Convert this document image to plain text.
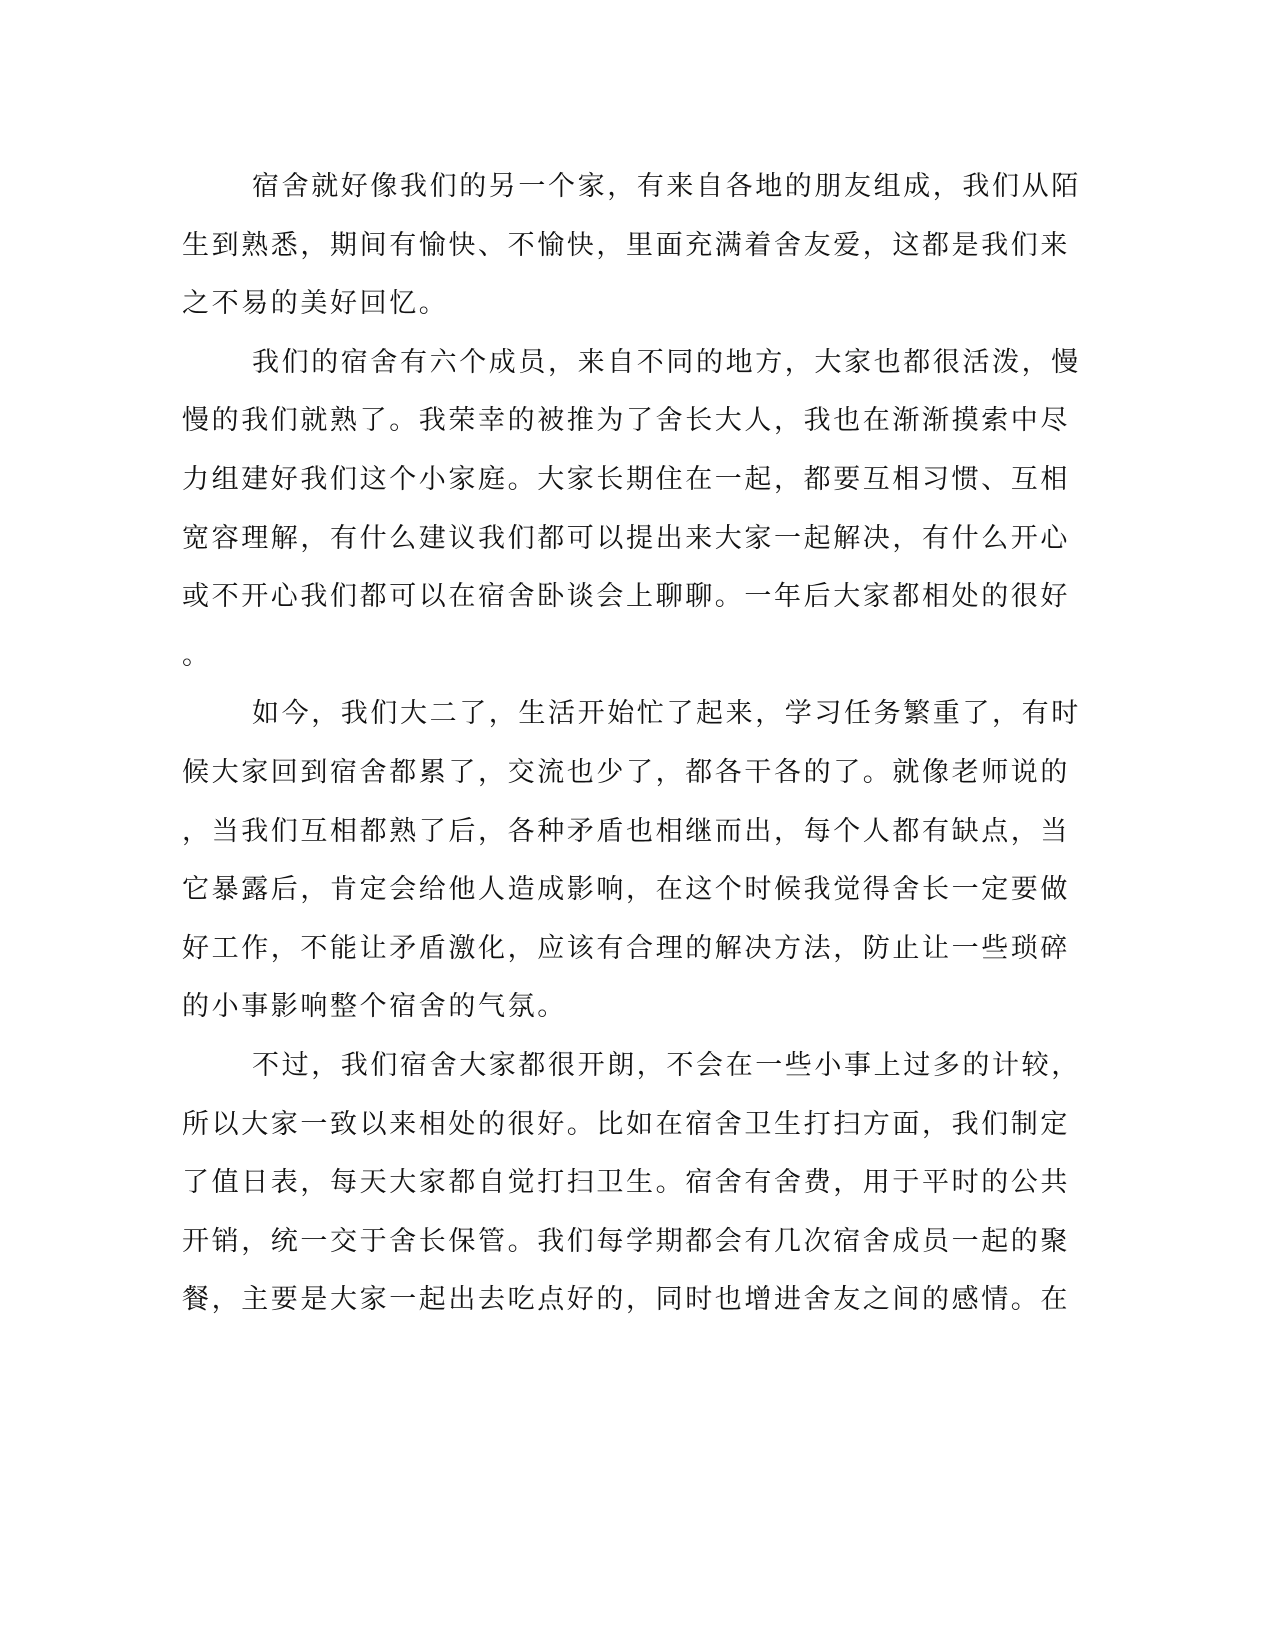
宿舍就好像我们的另一个家，有来自各地的朋友组成，我们从陌
生到熟悉，期间有愉快、不愉快，里面充满着舍友爱，这都是我们来
之不易的美好回忆。
我们的宿舍有六个成员，来自不同的地方，大家也都很活泼，慢
慢的我们就熟了。我荣幸的被推为了舍长大人，我也在渐渐摸索中尽
力组建好我们这个小家庭。大家长期住在一起，都要互相习惯、互相
宽容理解，有什么建议我们都可以提出来大家一起解决，有什么开心
或不开心我们都可以在宿舍卧谈会上聊聊。一年后大家都相处的很好
。
如今，我们大二了，生活开始忙了起来，学习任务繁重了，有时
候大家回到宿舍都累了，交流也少了，都各干各的了。就像老师说的
，当我们互相都熟了后，各种矛盾也相继而出，每个人都有缺点，当
它暴露后，肯定会给他人造成影响，在这个时候我觉得舍长一定要做
好工作，不能让矛盾激化，应该有合理的解决方法，防止让一些琐碎
的小事影响整个宿舍的气氛。
不过，我们宿舍大家都很开朗，不会在一些小事上过多的计较，
所以大家一致以来相处的很好。比如在宿舍卫生打扫方面，我们制定
了值日表，每天大家都自觉打扫卫生。宿舍有舍费，用于平时的公共
开销，统一交于舍长保管。我们每学期都会有几次宿舍成员一起的聚
餐，主要是大家一起出去吃点好的，同时也增进舍友之间的感情。在
